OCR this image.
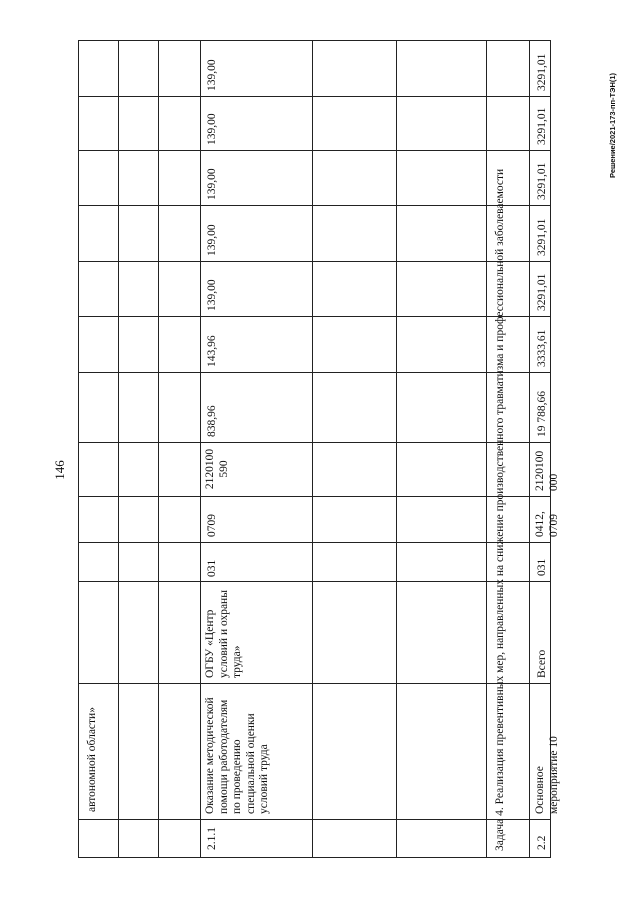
146
Решение/2021-173-пп-ТЭН(1)
автономной области»
2.1.1
Оказание методической помощи работодателям по проведению специальной оценки условий труда
ОГБУ «Центр условий и охраны труда»
031
0709
2120100 590
838,96
143,96
139,00
139,00
139,00
139,00
139,00
Задача 4. Реализация превентивных мер, направленных на снижение производственного травматизма и профессиональной заболеваемости	2.2
Основное мероприятие 10
Всего
031
0412, 0709
2120100 000
19 788,66
3333,61
3291,01
3291,01
3291,01
3291,01
3291,01
